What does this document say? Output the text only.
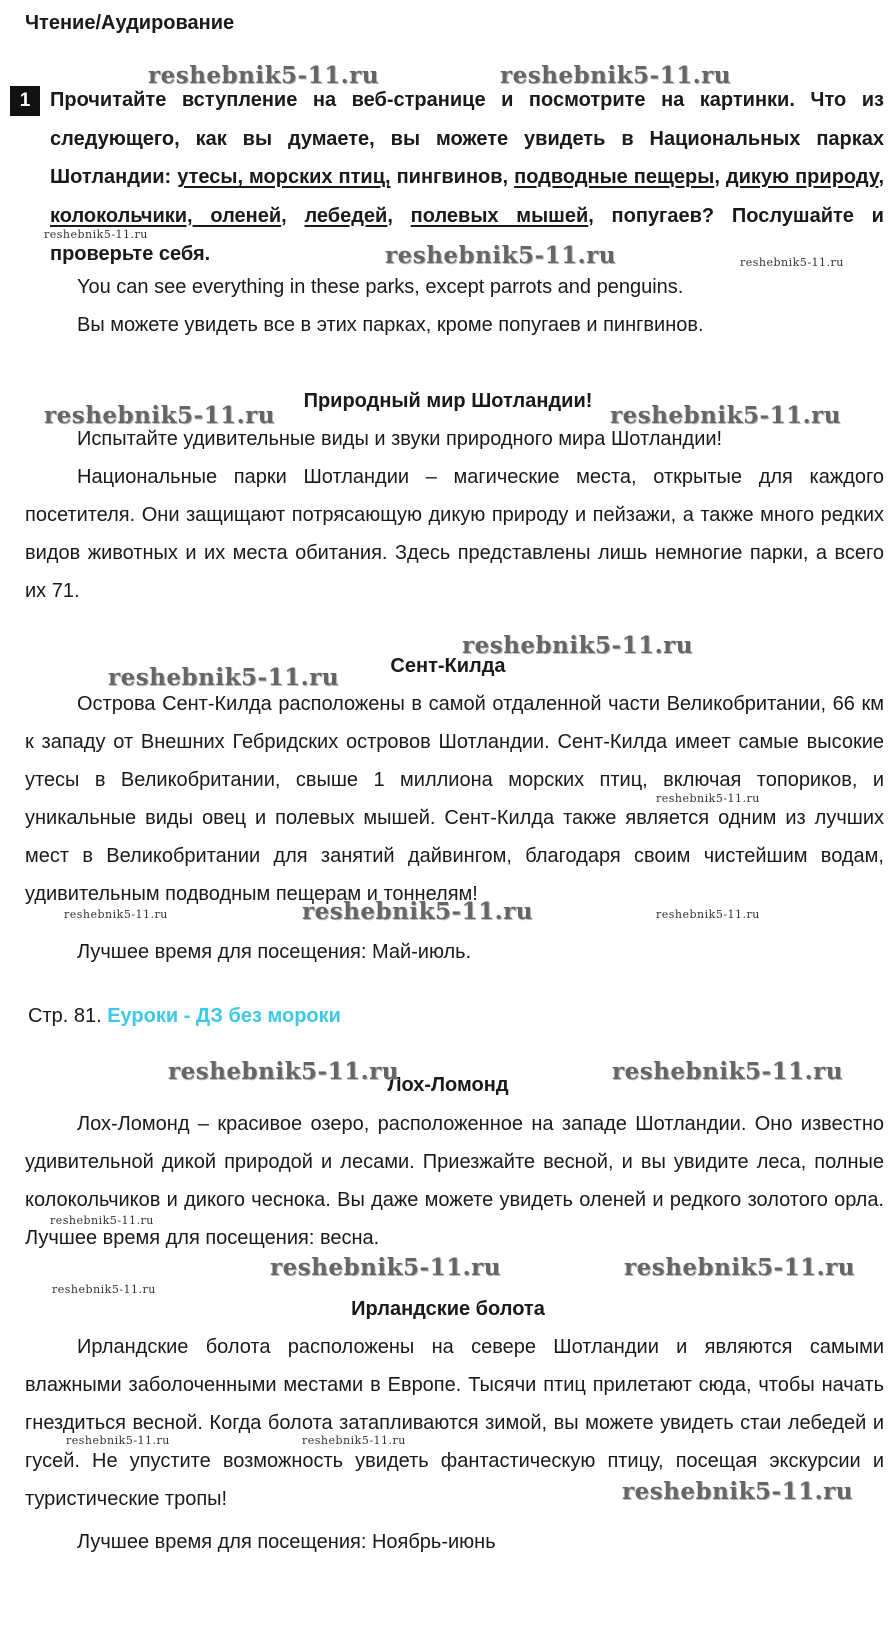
Чтение/Аудирование
1 Прочитайте вступление на веб-странице и посмотрите на картинки. Что из следующего, как вы думаете, вы можете увидеть в Национальных парках Шотландии: утесы, морских птиц, пингвинов, подводные пещеры, дикую природу, колокольчики, оленей, лебедей, полевых мышей, попугаев? Послушайте и проверьте себя.
You can see everything in these parks, except parrots and penguins.
Вы можете увидеть все в этих парках, кроме попугаев и пингвинов.
Природный мир Шотландии!
Испытайте удивительные виды и звуки природного мира Шотландии!
Национальные парки Шотландии – магические места, открытые для каждого посетителя. Они защищают потрясающую дикую природу и пейзажи, а также много редких видов животных и их места обитания. Здесь представлены лишь немногие парки, а всего их 71.
Сент-Килда
Острова Сент-Килда расположены в самой отдаленной части Великобритании, 66 км к западу от Внешних Гебридских островов Шотландии. Сент-Килда имеет самые высокие утесы в Великобритании, свыше 1 миллиона морских птиц, включая топориков, и уникальные виды овец и полевых мышей. Сент-Килда также является одним из лучших мест в Великобритании для занятий дайвингом, благодаря своим чистейшим водам, удивительным подводным пещерам и тоннелям!
Лучшее время для посещения: Май-июль.
Стр. 81. Еуроки - ДЗ без мороки
Лох-Ломонд
Лох-Ломонд – красивое озеро, расположенное на западе Шотландии. Оно известно удивительной дикой природой и лесами. Приезжайте весной, и вы увидите леса, полные колокольчиков и дикого чеснока. Вы даже можете увидеть оленей и редкого золотого орла. Лучшее время для посещения: весна.
Ирландские болота
Ирландские болота расположены на севере Шотландии и являются самыми влажными заболоченными местами в Европе. Тысячи птиц прилетают сюда, чтобы начать гнездиться весной. Когда болота затапливаются зимой, вы можете увидеть стаи лебедей и гусей. Не упустите возможность увидеть фантастическую птицу, посещая экскурсии и туристические тропы!
Лучшее время для посещения: Ноябрь-июнь
reshebnik5-11.ru	reshebnik5-11.ru
reshebnik5-11.ru
reshebnik5-11.ru	reshebnik5-11.ru
reshebnik5-11.ru	reshebnik5-11.ru
reshebnik5-11.ru
reshebnik5-11.ru
reshebnik5-11.ru
reshebnik5-11.ru	reshebnik5-11.ru	reshebnik5-11.ru
reshebnik5-11.ru	reshebnik5-11.ru
reshebnik5-11.ru
reshebnik5-11.ru	reshebnik5-11.ru
reshebnik5-11.ru
reshebnik5-11.ru	reshebnik5-11.ru
reshebnik5-11.ru
